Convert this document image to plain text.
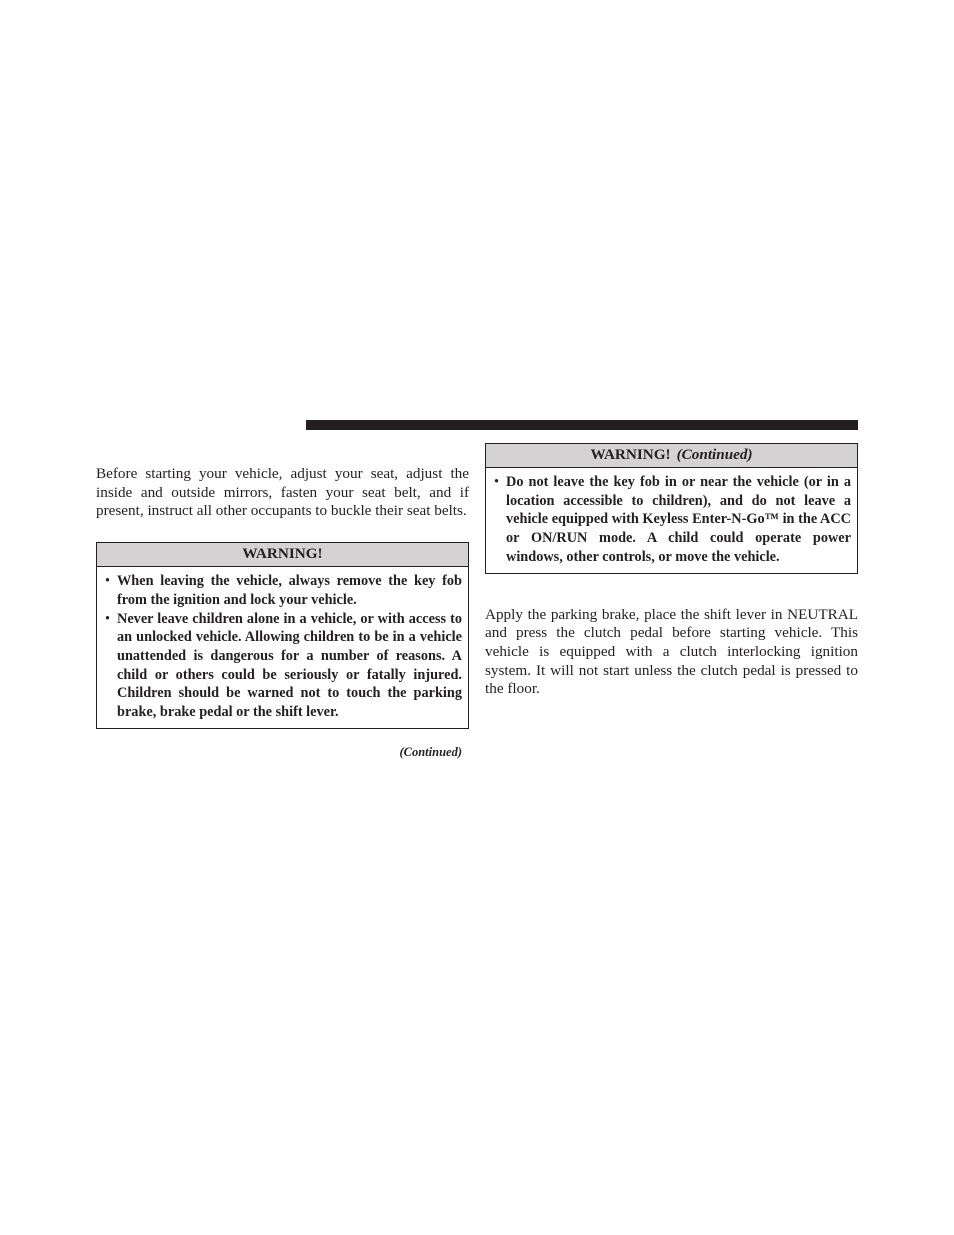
Before starting your vehicle, adjust your seat, adjust the inside and outside mirrors, fasten your seat belt, and if present, instruct all other occupants to buckle their seat belts.

WARNING!
• When leaving the vehicle, always remove the key fob from the ignition and lock your vehicle.
• Never leave children alone in a vehicle, or with access to an unlocked vehicle. Allowing children to be in a vehicle unattended is dangerous for a number of reasons. A child or others could be seriously or fatally injured. Children should be warned not to touch the parking brake, brake pedal or the shift lever.
(Continued)
WARNING! (Continued)
• Do not leave the key fob in or near the vehicle (or in a location accessible to children), and do not leave a vehicle equipped with Keyless Enter-N-Go™ in the ACC or ON/RUN mode. A child could operate power windows, other controls, or move the vehicle.

Apply the parking brake, place the shift lever in NEUTRAL and press the clutch pedal before starting vehicle. This vehicle is equipped with a clutch interlocking ignition system. It will not start unless the clutch pedal is pressed to the floor.
